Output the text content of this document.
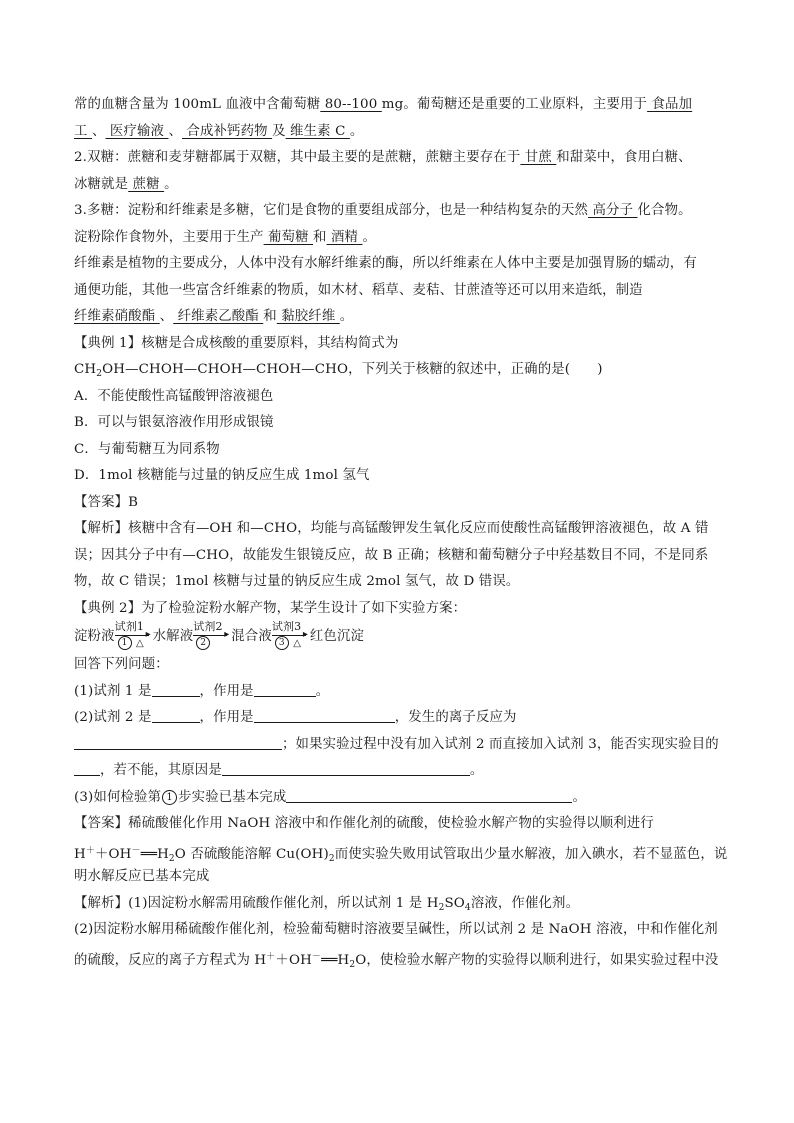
常的血糖含量为 100mL 血液中含葡萄糖 80--100 mg。葡萄糖还是重要的工业原料，主要用于 食品加
工 、 医疗输液 、 合成补钙药物 及 维生素 C 。
2.双糖：蔗糖和麦芽糖都属于双糖，其中最主要的是蔗糖，蔗糖主要存在于 甘蔗 和甜菜中，食用白糖、
冰糖就是 蔗糖 。
3.多糖：淀粉和纤维素是多糖，它们是食物的重要组成部分，也是一种结构复杂的天然 高分子 化合物。
淀粉除作食物外，主要用于生产 葡萄糖 和 酒精 。
纤维素是植物的主要成分，人体中没有水解纤维素的酶，所以纤维素在人体中主要是加强胃肠的蠕动，有
通便功能，其他一些富含纤维素的物质，如木材、稻草、麦秸、甘蔗渣等还可以用来造纸，制造
纤维素硝酸酯 、 纤维素乙酸酯 和 黏胶纤维 。
【典例 1】核糖是合成核酸的重要原料，其结构简式为
$CH_2OH—CHOH—CHOH—CHOH—CHO$，下列关于核糖的叙述中，正确的是(　　)
A．不能使酸性高锰酸钾溶液褪色
B．可以与银氨溶液作用形成银镜
C．与葡萄糖互为同系物
D．1mol 核糖能与过量的钠反应生成 1mol 氢气
【答案】B
【解析】核糖中含有—OH 和—CHO，均能与高锰酸钾发生氧化反应而使酸性高锰酸钾溶液褪色，故 A 错
误；因其分子中有—CHO，故能发生银镜反应，故 B 正确；核糖和葡萄糖分子中羟基数目不同，不是同系
物，故 C 错误；1mol 核糖与过量的钠反应生成 2mol 氢气，故 D 错误。
【典例 2】为了检验淀粉水解产物，某学生设计了如下实验方案：
淀粉液
试剂1
▸
1 △ 水解液
试剂2
▸
2	混合液
试剂3
▸
3 △ 红色沉淀
回答下列问题：
(1)试剂 1 是	，作用是	。
(2)试剂 2 是	，作用是	，发生的离子反应为
；如果实验过程中没有加入试剂 2 而直接加入试剂 3，能否实现实验目的
，若不能，其原因是	。
(3)如何检验第 1 步实验已基本完成	。
【答案】稀硫酸催化作用 NaOH 溶液中和作催化剂的硫酸，使检验水解产物的实验得以顺利进行
$H^++OH^-══H_2O$ 否硫酸能溶解 $Cu(OH)_2$而使实验失败用试管取出少量水解液，加入碘水，若不显蓝色，说
明水解反应已基本完成
【解析】(1)因淀粉水解需用硫酸作催化剂，所以试剂 1 是 $H_2SO_4$溶液，作催化剂。
(2)因淀粉水解用稀硫酸作催化剂，检验葡萄糖时溶液要呈碱性，所以试剂 2 是 NaOH 溶液，中和作催化剂
的硫酸，反应的离子方程式为 $H^++OH^-══H_2O$，使检验水解产物的实验得以顺利进行，如果实验过程中没
